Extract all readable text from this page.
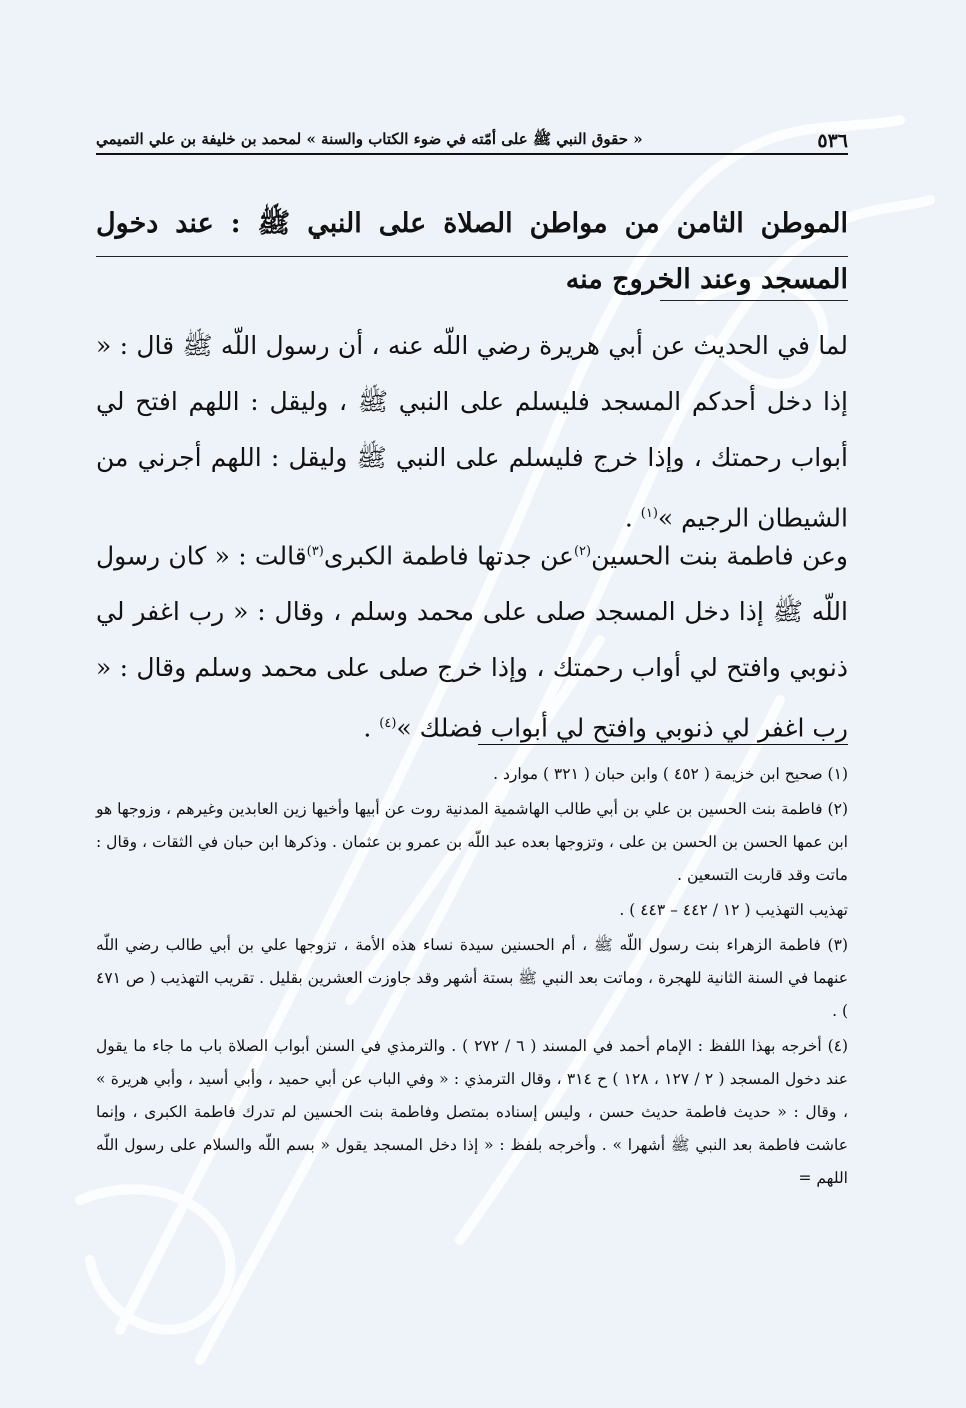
٥٣٦
« حقوق النبي ﷺ على أمّته في ضوء الكتاب والسنة » لمحمد بن خليفة بن علي التميمي
الموطن الثامن من مواطن الصلاة على النبي ﷺ : عند دخول المسجد وعند الخروج منه

لما في الحديث عن أبي هريرة رضي اللّه عنه ، أن رسول اللّه ﷺ قال : « إذا دخل أحدكم المسجد فليسلم على النبي ﷺ ، وليقل : اللهم افتح لي أبواب رحمتك ، وإذا خرج فليسلم على النبي ﷺ وليقل : اللهم أجرني من الشيطان الرجيم »$^{(١)}$ .

وعن فاطمة بنت الحسين$^{(٢)}$عن جدتها فاطمة الكبرى$^{(٣)}$قالت : « كان رسول اللّه ﷺ إذا دخل المسجد صلى على محمد وسلم ، وقال : « رب اغفر لي ذنوبي وافتح لي أواب رحمتك ، وإذا خرج صلى على محمد وسلم وقال : « رب اغفر لي ذنوبي وافتح لي أبواب فضلك »$^{(٤)}$ .

(١) صحيح ابن خزيمة ( ٤٥٢ ) وابن حبان ( ٣٢١ ) موارد .

(٢) فاطمة بنت الحسين بن علي بن أبي طالب الهاشمية المدنية روت عن أبيها وأخيها زين العابدين وغيرهم ، وزوجها هو ابن عمها الحسن بن الحسن بن على ، وتزوجها بعده عبد اللّه بن عمرو بن عثمان . وذكرها ابن حبان في الثقات ، وقال : ماتت وقد قاربت التسعين .

تهذيب التهذيب ( ١٢ / ٤٤٢ – ٤٤٣ ) .

(٣) فاطمة الزهراء بنت رسول اللّه ﷺ ، أم الحسنين سيدة نساء هذه الأمة ، تزوجها علي بن أبي طالب رضي اللّه عنهما في السنة الثانية للهجرة ، وماتت بعد النبي ﷺ بستة أشهر وقد جاوزت العشرين بقليل . تقريب التهذيب ( ص ٤٧١ ) .

(٤) أخرجه بهذا اللفظ : الإمام أحمد في المسند ( ٦ / ٢٧٢ ) . والترمذي في السنن أبواب الصلاة باب ما جاء ما يقول عند دخول المسجد ( ٢ / ١٢٧ ، ١٢٨ ) ح ٣١٤ ، وقال الترمذي : « وفي الباب عن أبي حميد ، وأبي أسيد ، وأبي هريرة » ، وقال : « حديث فاطمة حديث حسن ، وليس إسناده بمتصل وفاطمة بنت الحسين لم تدرك فاطمة الكبرى ، وإنما عاشت فاطمة بعد النبي ﷺ أشهرا » . وأخرجه بلفظ : « إذا دخل المسجد يقول « بسم اللّه والسلام على رسول اللّه اللهم =
